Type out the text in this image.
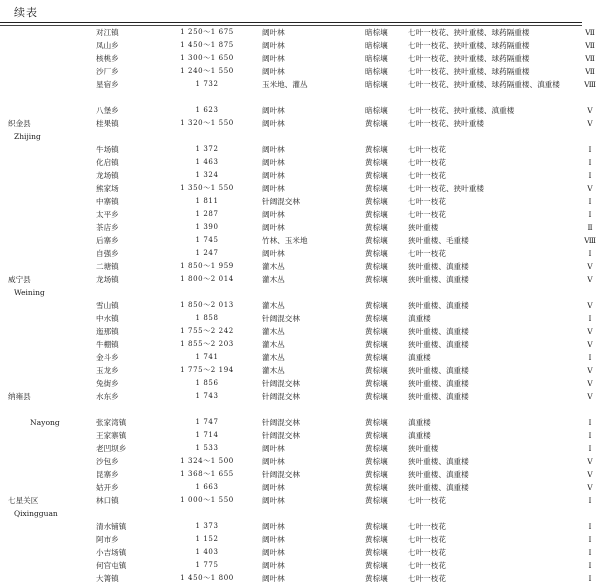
续表
	对江镇	1 250～1 675	阔叶林	暗棕壤	七叶一枝花、狭叶重楼、球药隔重楼	Ⅶ
	凤山乡	1 450～1 875	阔叶林	暗棕壤	七叶一枝花、狭叶重楼、球药隔重楼	Ⅶ
	核桃乡	1 300～1 650	阔叶林	暗棕壤	七叶一枝花、狭叶重楼、球药隔重楼	Ⅶ
	沙厂乡	1 240～1 550	阔叶林	暗棕壤	七叶一枝花、狭叶重楼、球药隔重楼	Ⅶ
	星宿乡	1 732	玉米地、灌丛	暗棕壤	七叶一枝花、狭叶重楼、球药隔重楼、滇重楼	Ⅷ
	八堡乡	1 623	阔叶林	暗棕壤	七叶一枝花、狭叶重楼、滇重楼	Ⅴ

织金县
Zhijing	桂果镇	1 320～1 550	阔叶林	黄棕壤	七叶一枝花、狭叶重楼	Ⅴ
	牛场镇	1 372	阔叶林	黄棕壤	七叶一枝花	Ⅰ
	化启镇	1 463	阔叶林	黄棕壤	七叶一枝花	Ⅰ
	龙场镇	1 324	阔叶林	黄棕壤	七叶一枝花	Ⅰ
	熊家场	1 350～1 550	阔叶林	黄棕壤	七叶一枝花、狭叶重楼	Ⅴ
	中寨镇	1 811	针阔混交林	黄棕壤	七叶一枝花	Ⅰ
	太平乡	1 287	阔叶林	黄棕壤	七叶一枝花	Ⅰ
	茶店乡	1 390	阔叶林	黄棕壤	狭叶重楼	Ⅱ
	后寨乡	1 745	竹林、玉米地	黄棕壤	狭叶重楼、毛重楼	Ⅷ
	自强乡	1 247	阔叶林	黄棕壤	七叶一枝花	Ⅰ
	二塘镇	1 850～1 959	灌木丛	黄棕壤	狭叶重楼、滇重楼	Ⅴ

威宁县
Weining	龙场镇	1 800～2 014	灌木丛	黄棕壤	狭叶重楼、滇重楼	Ⅴ
	雪山镇	1 850～2 013	灌木丛	黄棕壤	狭叶重楼、滇重楼	Ⅴ
	中水镇	1 858	针阔混交林	黄棕壤	滇重楼	Ⅰ
	迤那镇	1 755～2 242	灌木丛	黄棕壤	狭叶重楼、滇重楼	Ⅴ
	牛棚镇	1 855～2 203	灌木丛	黄棕壤	狭叶重楼、滇重楼	Ⅴ
	金斗乡	1 741	灌木丛	黄棕壤	滇重楼	Ⅰ
	玉龙乡	1 775～2 194	灌木丛	黄棕壤	狭叶重楼、滇重楼	Ⅴ
	兔街乡	1 856	针阔混交林	黄棕壤	狭叶重楼、滇重楼	Ⅴ
纳雍县	水东乡	1 743	针阔混交林	黄棕壤	狭叶重楼、滇重楼	Ⅴ

Nayong	张家湾镇	1 747	针阔混交林	黄棕壤	滇重楼	Ⅰ
	王家寨镇	1 714	针阔混交林	黄棕壤	滇重楼	Ⅰ
	老凹坝乡	1 533	阔叶林	黄棕壤	狭叶重楼	Ⅰ
	沙包乡	1 324～1 500	阔叶林	黄棕壤	狭叶重楼、滇重楼	Ⅴ
	昆寨乡	1 368～1 655	针阔混交林	黄棕壤	狭叶重楼、滇重楼	Ⅴ
	姑开乡	1 663	阔叶林	黄棕壤	狭叶重楼、滇重楼	Ⅴ

七星关区
Qixingguan	林口镇	1 000～1 550	阔叶林	黄棕壤	七叶一枝花	Ⅰ
	清水铺镇	1 373	阔叶林	黄棕壤	七叶一枝花	Ⅰ
	阿市乡	1 152	阔叶林	黄棕壤	七叶一枝花	Ⅰ
	小吉场镇	1 403	阔叶林	黄棕壤	七叶一枝花	Ⅰ
	何官屯镇	1 775	阔叶林	黄棕壤	七叶一枝花	Ⅰ
	大箐镇	1 450～1 800	阔叶林	黄棕壤	七叶一枝花	Ⅰ
